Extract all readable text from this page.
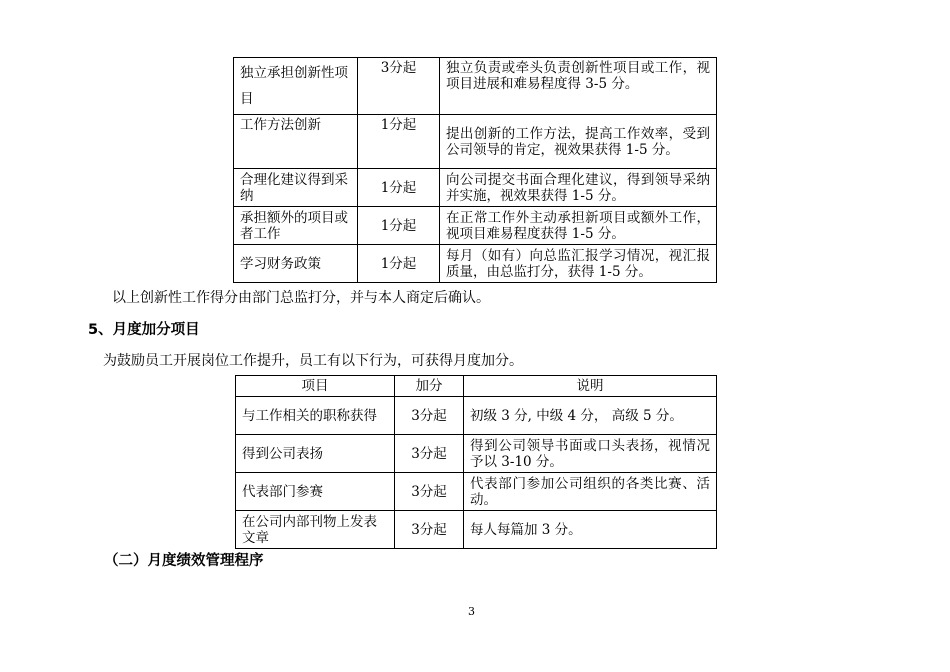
独立承担创新性项目	3分起	独立负责或牵头负责创新性项目或工作，视项目进展和难易程度得 3-5 分。
工作方法创新	1分起	提出创新的工作方法，提高工作效率，受到公司领导的肯定，视效果获得 1-5 分。
合理化建议得到采纳	1分起	向公司提交书面合理化建议，得到领导采纳并实施，视效果获得 1-5 分。
承担额外的项目或者工作	1分起	在正常工作外主动承担新项目或额外工作，视项目难易程度获得 1-5 分。
学习财务政策	1分起	每月（如有）向总监汇报学习情况，视汇报质量，由总监打分，获得 1-5 分。
以上创新性工作得分由部门总监打分，并与本人商定后确认。
5、月度加分项目
为鼓励员工开展岗位工作提升，员工有以下行为，可获得月度加分。
项目	加分	说明
与工作相关的职称获得	3分起	初级 3 分, 中级 4 分， 高级 5 分。
得到公司表扬	3分起	得到公司领导书面或口头表扬，视情况予以 3-10 分。
代表部门参赛	3分起	代表部门参加公司组织的各类比赛、活动。
在公司内部刊物上发表文章	3分起	每人每篇加 3 分。
（二）月度绩效管理程序
3
